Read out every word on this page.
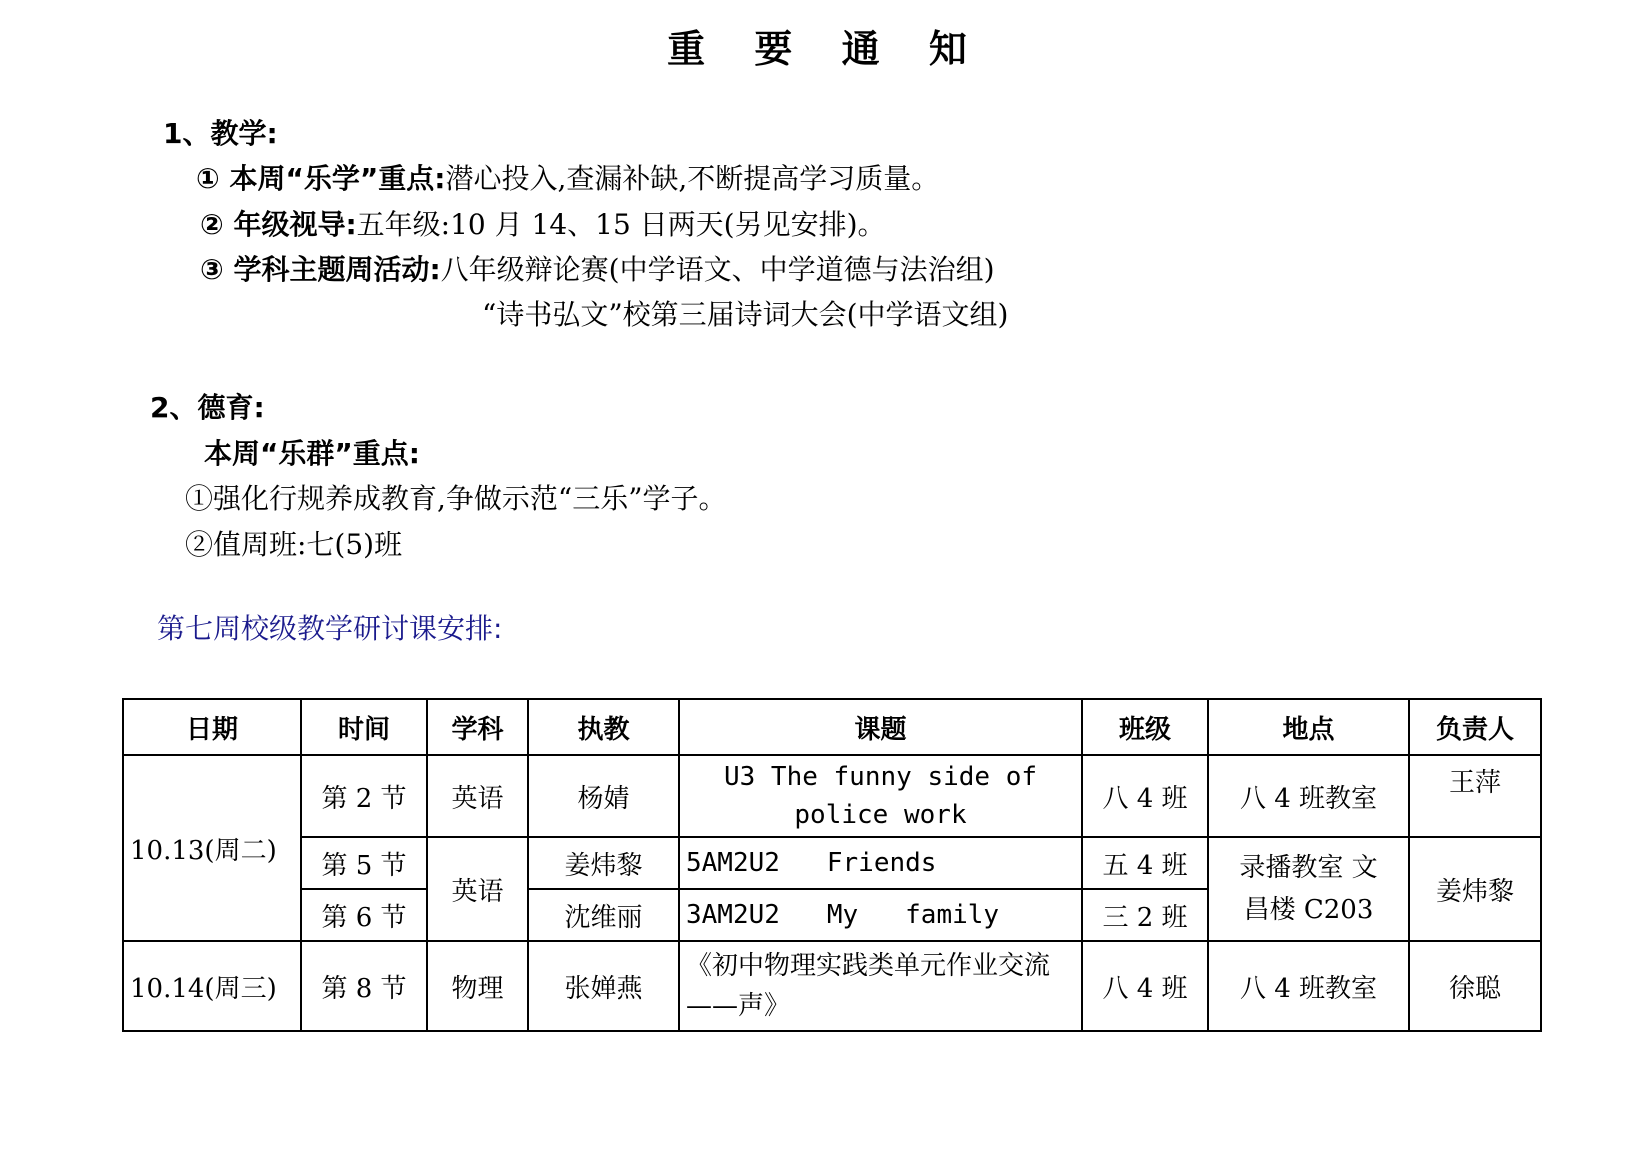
重 要 通 知
1、教学:
① 本周“乐学”重点:潜心投入,查漏补缺,不断提高学习质量。
② 年级视导:五年级:10 月 14、15 日两天(另见安排)。
③ 学科主题周活动:八年级辩论赛(中学语文、中学道德与法治组)
“诗书弘文”校第三届诗词大会(中学语文组)
2、德育:
本周“乐群”重点:
①强化行规养成教育,争做示范“三乐”学子。
②值周班:七(5)班
第七周校级教学研讨课安排:
日期	时间	学科	执教	课题	班级	地点	负责人
10.13(周二)	第 2 节	英语	杨婧	U3 The funny side of police work	八 4 班	八 4 班教室	王萍
	第 5 节	英语	姜炜黎	5AM2U2   Friends	五 4 班	录播教室 文昌楼 C203	姜炜黎
	第 6 节		沈维丽	3AM2U2   My   family	三 2 班		
10.14(周三)	第 8 节	物理	张婵燕	《初中物理实践类单元作业交流——声》	八 4 班	八 4 班教室	徐聪
